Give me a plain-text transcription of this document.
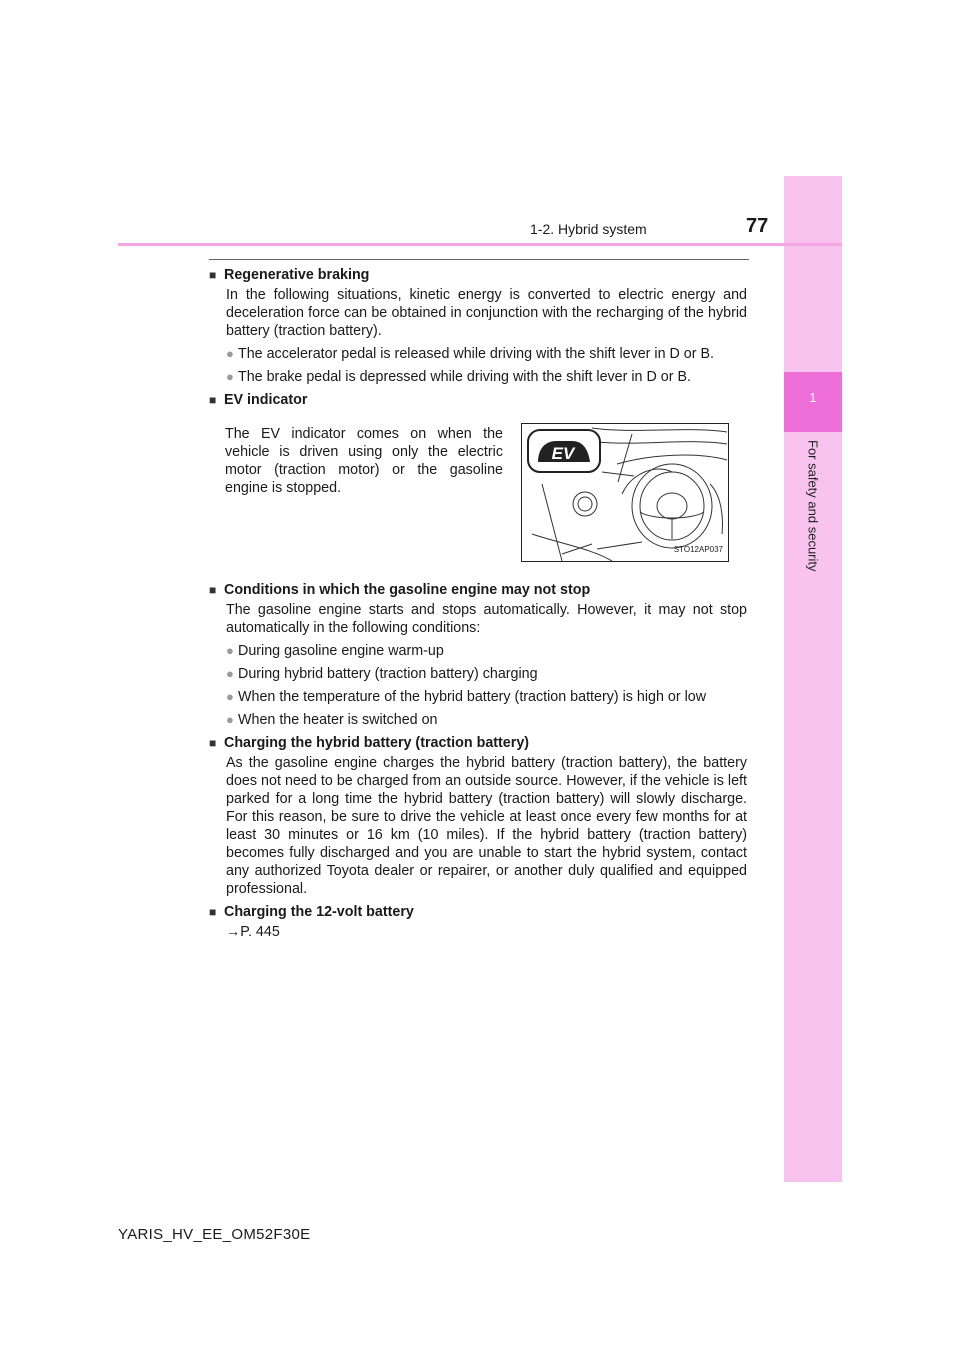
1
For safety and security
1-2. Hybrid system	77
■ Regenerative braking
In the following situations, kinetic energy is converted to electric energy and deceleration force can be obtained in conjunction with the recharging of the hybrid battery (traction battery).
● The accelerator pedal is released while driving with the shift lever in D or B.
● The brake pedal is depressed while driving with the shift lever in D or B.
■ EV indicator
The EV indicator comes on when the vehicle is driven using only the electric motor (traction motor) or the gasoline engine is stopped.
EV
STO12AP037
■ Conditions in which the gasoline engine may not stop
The gasoline engine starts and stops automatically. However, it may not stop automatically in the following conditions:
● During gasoline engine warm-up
● During hybrid battery (traction battery) charging
● When the temperature of the hybrid battery (traction battery) is high or low
● When the heater is switched on
■ Charging the hybrid battery (traction battery)
As the gasoline engine charges the hybrid battery (traction battery), the battery does not need to be charged from an outside source. However, if the vehicle is left parked for a long time the hybrid battery (traction battery) will slowly discharge. For this reason, be sure to drive the vehicle at least once every few months for at least 30 minutes or 16 km (10 miles). If the hybrid battery (traction battery) becomes fully discharged and you are unable to start the hybrid system, contact any authorized Toyota dealer or repairer, or another duly qualified and equipped professional.
■ Charging the 12-volt battery
→P. 445
YARIS_HV_EE_OM52F30E
